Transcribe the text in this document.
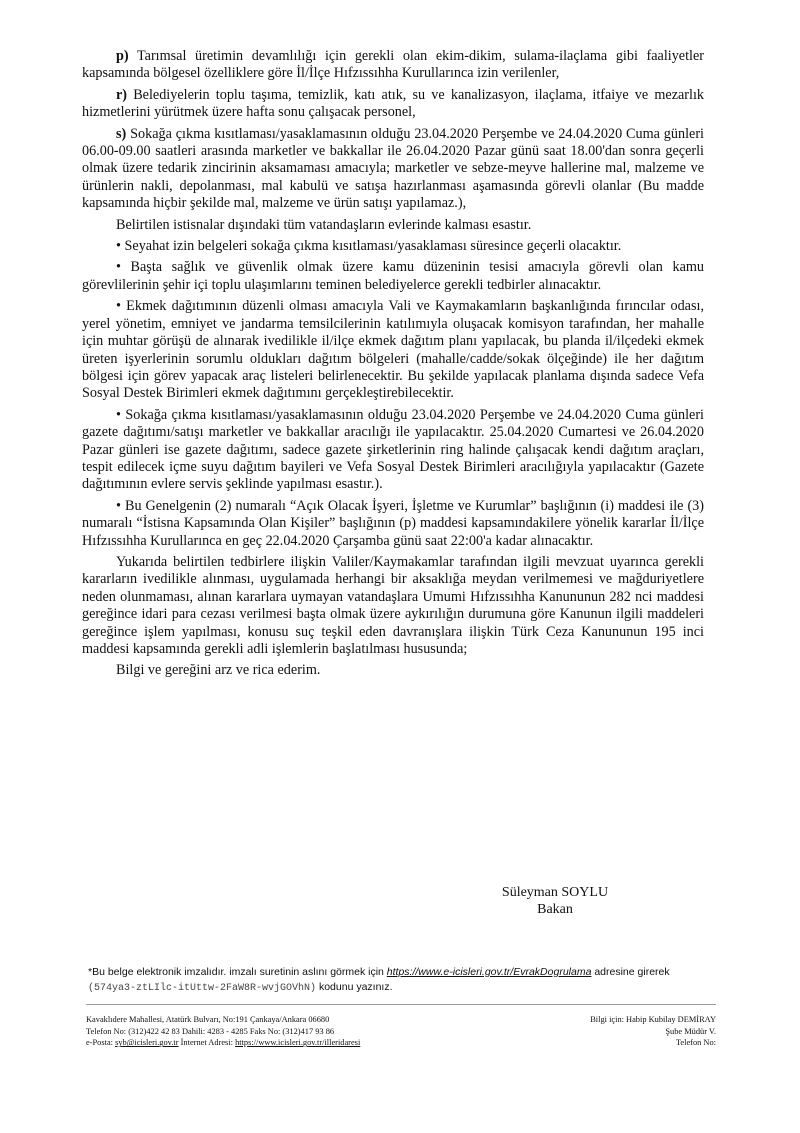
p) Tarımsal üretimin devamlılığı için gerekli olan ekim-dikim, sulama-ilaçlama gibi faaliyetler kapsamında bölgesel özelliklere göre İl/İlçe Hıfzıssıhha Kurullarınca izin verilenler,

r) Belediyelerin toplu taşıma, temizlik, katı atık, su ve kanalizasyon, ilaçlama, itfaiye ve mezarlık hizmetlerini yürütmek üzere hafta sonu çalışacak personel,

s) Sokağa çıkma kısıtlaması/yasaklamasının olduğu 23.04.2020 Perşembe ve 24.04.2020 Cuma günleri 06.00-09.00 saatleri arasında marketler ve bakkallar ile 26.04.2020 Pazar günü saat 18.00'dan sonra geçerli olmak üzere tedarik zincirinin aksamaması amacıyla; marketler ve sebze-meyve hallerine mal, malzeme ve ürünlerin nakli, depolanması, mal kabulü ve satışa hazırlanması aşamasında görevli olanlar (Bu madde kapsamında hiçbir şekilde mal, malzeme ve ürün satışı yapılamaz.),

Belirtilen istisnalar dışındaki tüm vatandaşların evlerinde kalması esastır.

• Seyahat izin belgeleri sokağa çıkma kısıtlaması/yasaklaması süresince geçerli olacaktır.

• Başta sağlık ve güvenlik olmak üzere kamu düzeninin tesisi amacıyla görevli olan kamu görevlilerinin şehir içi toplu ulaşımlarını teminen belediyelerce gerekli tedbirler alınacaktır.

• Ekmek dağıtımının düzenli olması amacıyla Vali ve Kaymakamların başkanlığında fırıncılar odası, yerel yönetim, emniyet ve jandarma temsilcilerinin katılımıyla oluşacak komisyon tarafından, her mahalle için muhtar görüşü de alınarak ivedilikle il/ilçe ekmek dağıtım planı yapılacak, bu planda il/ilçedeki ekmek üreten işyerlerinin sorumlu oldukları dağıtım bölgeleri (mahalle/cadde/sokak ölçeğinde) ile her dağıtım bölgesi için görev yapacak araç listeleri belirlenecektir. Bu şekilde yapılacak planlama dışında sadece Vefa Sosyal Destek Birimleri ekmek dağıtımını gerçekleştirebilecektir.

• Sokağa çıkma kısıtlaması/yasaklamasının olduğu 23.04.2020 Perşembe ve 24.04.2020 Cuma günleri gazete dağıtımı/satışı marketler ve bakkallar aracılığı ile yapılacaktır. 25.04.2020 Cumartesi ve 26.04.2020 Pazar günleri ise gazete dağıtımı, sadece gazete şirketlerinin ring halinde çalışacak kendi dağıtım araçları, tespit edilecek içme suyu dağıtım bayileri ve Vefa Sosyal Destek Birimleri aracılığıyla yapılacaktır (Gazete dağıtımının evlere servis şeklinde yapılması esastır.).

• Bu Genelgenin (2) numaralı “Açık Olacak İşyeri, İşletme ve Kurumlar” başlığının (i) maddesi ile (3) numaralı “İstisna Kapsamında Olan Kişiler” başlığının (p) maddesi kapsamındakilere yönelik kararlar İl/İlçe Hıfzıssıhha Kurullarınca en geç 22.04.2020 Çarşamba günü saat 22:00'a kadar alınacaktır.

Yukarıda belirtilen tedbirlere ilişkin Valiler/Kaymakamlar tarafından ilgili mevzuat uyarınca gerekli kararların ivedilikle alınması, uygulamada herhangi bir aksaklığa meydan verilmemesi ve mağduriyetlere neden olunmaması, alınan kararlara uymayan vatandaşlara Umumi Hıfzıssıhha Kanununun 282 nci maddesi gereğince idari para cezası verilmesi başta olmak üzere aykırılığın durumuna göre Kanunun ilgili maddeleri gereğince işlem yapılması, konusu suç teşkil eden davranışlara ilişkin Türk Ceza Kanununun 195 inci maddesi kapsamında gerekli adli işlemlerin başlatılması hususunda;

Bilgi ve gereğini arz ve rica ederim.

Süleyman SOYLU
Bakan
*Bu belge elektronik imzalıdır. imzalı suretinin aslını görmek için https://www.e-icisleri.gov.tr/EvrakDogrulama adresine girerek (574ya3-ztLIlc-itUttw-2FaW8R-wvjGOVhN) kodunu yazınız.
Kavaklıdere Mahallesi, Atatürk Bulvarı, No:191 Çankaya/Ankara 06680
Telefon No: (312)422 42 83 Dahili: 4283 - 4285 Faks No: (312)417 93 86
e-Posta: syb@icisleri.gov.tr İnternet Adresi: https://www.icisleri.gov.tr/illeridaresi
Bilgi için: Habip Kubilay DEMİRAY
Şube Müdür V.
Telefon No:
